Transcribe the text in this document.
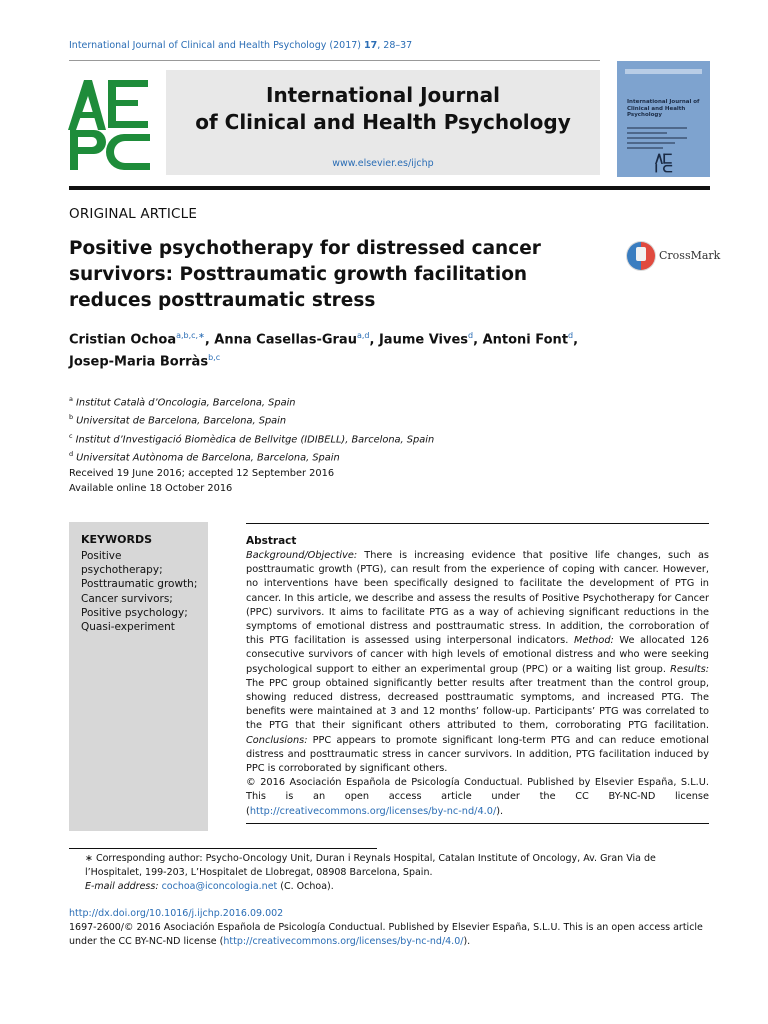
International Journal of Clinical and Health Psychology (2017) 17, 28–37
International Journal
of Clinical and Health Psychology
www.elsevier.es/ijchp
International Journal of Clinical and Health Psychology
ORIGINAL ARTICLE
Positive psychotherapy for distressed cancer survivors: Posttraumatic growth facilitation reduces posttraumatic stress
CrossMark
Cristian Ochoa$^{a,b,c,∗}$, Anna Casellas-Grau$^{a,d}$, Jaume Vives$^d$, Antoni Font$^d$,
Josep-Maria Borràs$^{b,c}$
$^a$ Institut Català d’Oncologia, Barcelona, Spain
$^b$ Universitat de Barcelona, Barcelona, Spain
$^c$ Institut d’Investigació Biomèdica de Bellvitge (IDIBELL), Barcelona, Spain
$^d$ Universitat Autònoma de Barcelona, Barcelona, Spain
Received 19 June 2016; accepted 12 September 2016
Available online 18 October 2016
KEYWORDS
Positive psychotherapy;
Posttraumatic growth;
Cancer survivors;
Positive psychology;
Quasi-experiment
Abstract
Background/Objective: There is increasing evidence that positive life changes, such as posttraumatic growth (PTG), can result from the experience of coping with cancer. However, no interventions have been specifically designed to facilitate the development of PTG in cancer. In this article, we describe and assess the results of Positive Psychotherapy for Cancer (PPC) survivors. It aims to facilitate PTG as a way of achieving significant reductions in the symptoms of emotional distress and posttraumatic stress. In addition, the corroboration of this PTG facilitation is assessed using interpersonal indicators. Method: We allocated 126 consecutive survivors of cancer with high levels of emotional distress and who were seeking psychological support to either an experimental group (PPC) or a waiting list group. Results: The PPC group obtained significantly better results after treatment than the control group, showing reduced distress, decreased posttraumatic symptoms, and increased PTG. The benefits were maintained at 3 and 12 months’ follow-up. Participants’ PTG was correlated to the PTG that their significant others attributed to them, corroborating PTG facilitation. Conclusions: PPC appears to promote significant long-term PTG and can reduce emotional distress and posttraumatic stress in cancer survivors. In addition, PTG facilitation induced by PPC is corroborated by significant others.
© 2016 Asociación Española de Psicología Conductual. Published by Elsevier España, S.L.U. This is an open access article under the CC BY-NC-ND license (http://creativecommons.org/licenses/by-nc-nd/4.0/).
∗ Corresponding author: Psycho-Oncology Unit, Duran i Reynals Hospital, Catalan Institute of Oncology, Av. Gran Via de l’Hospitalet, 199-203, L’Hospitalet de Llobregat, 08908 Barcelona, Spain.
E-mail address: cochoa@iconcologia.net (C. Ochoa).
http://dx.doi.org/10.1016/j.ijchp.2016.09.002
1697-2600/© 2016 Asociación Española de Psicología Conductual. Published by Elsevier España, S.L.U. This is an open access article under the CC BY-NC-ND license (http://creativecommons.org/licenses/by-nc-nd/4.0/).
